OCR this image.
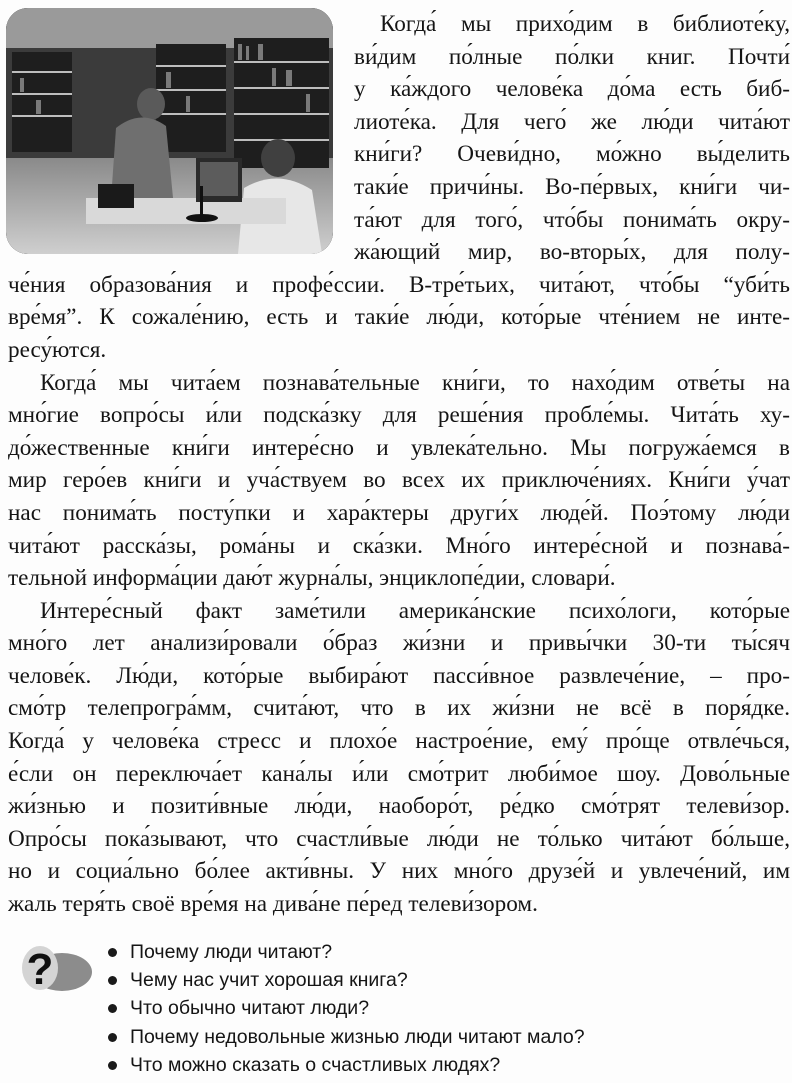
Когда́ мы прихо́дим в библиоте́ку,
ви́дим по́лные по́лки книг. Почти́
у ка́ждого челове́ка до́ма есть биб-
лиоте́ка. Для чего́ же лю́ди чита́ют
кни́ги? Очеви́дно, мо́жно вы́делить
таки́е причи́ны. Во-пе́рвых, кни́ги чи-
та́ют для того́, что́бы понима́ть окру-
жа́ющий мир, во-вторы́х, для полу-
че́ния образова́ния и профе́ссии. В-тре́тьих, чита́ют, что́бы “уби́ть
вре́мя”. К сожале́нию, есть и таки́е лю́ди, кото́рые чте́нием не инте-
ресу́ются.
Когда́ мы чита́ем познава́тельные кни́ги, то нахо́дим отве́ты на
мно́гие вопро́сы и́ли подска́зку для реше́ния пробле́мы. Чита́ть ху-
до́жественные кни́ги интере́сно и увлека́тельно. Мы погружа́емся в
мир геро́ев кни́ги и уча́ствуем во всех их приключе́ниях. Кни́ги у́чат
нас понима́ть посту́пки и хара́ктеры други́х люде́й. Поэ́тому лю́ди
чита́ют расска́зы, рома́ны и ска́зки. Мно́го интере́сной и познава́-
тельной информа́ции даю́т журна́лы, энциклопе́дии, словари́.
Интере́сный факт заме́тили америка́нские психо́логи, кото́рые
мно́го лет анализи́ровали о́браз жи́зни и привы́чки 30-ти ты́сяч
челове́к. Лю́ди, кото́рые выбира́ют пасси́вное развлече́ние, – про-
смо́тр телепрогра́мм, счита́ют, что в их жи́зни не всё в поря́дке.
Когда́ у челове́ка стресс и плохо́е настрое́ние, ему́ про́ще отвле́чься,
е́сли он переключа́ет кана́лы и́ли смо́трит люби́мое шоу. Дово́льные
жи́знью и позити́вные лю́ди, наоборо́т, ре́дко смо́трят телеви́зор.
Опро́сы пока́зывают, что счастли́вые лю́ди не то́лько чита́ют бо́льше,
но и социа́льно бо́лее акти́вны. У них мно́го друзе́й и увлече́ний, им
жаль теря́ть своё вре́мя на дива́не пе́ред телеви́зором.
?	Почему люди читают?
Чему нас учит хорошая книга?
Что обычно читают люди?
Почему недовольные жизнью люди читают мало?
Что можно сказать о счастливых людях?
